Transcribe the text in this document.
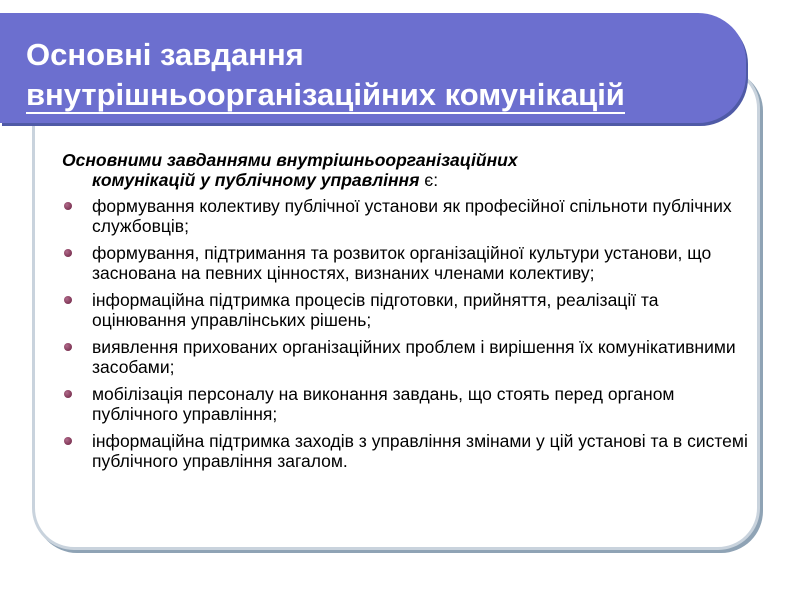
Основні завдання
внутрішньоорганізаційних комунікацій

Основними завданнями внутрішньоорганізаційних
комунікацій у публічному управління є:

формування колективу публічної установи як професійної спільноти публічних службовців;
формування, підтримання та розвиток організаційної культури установи, що заснована на певних цінностях, визнаних членами колективу;
інформаційна підтримка процесів підготовки, прийняття, реалізації та оцінювання управлінських рішень;
виявлення прихованих організаційних проблем і вирішення їх комунікативними засобами;
мобілізація персоналу на виконання завдань, що стоять перед органом публічного управління;
інформаційна підтримка заходів з управління змінами у цій установі та в системі публічного управління загалом.
